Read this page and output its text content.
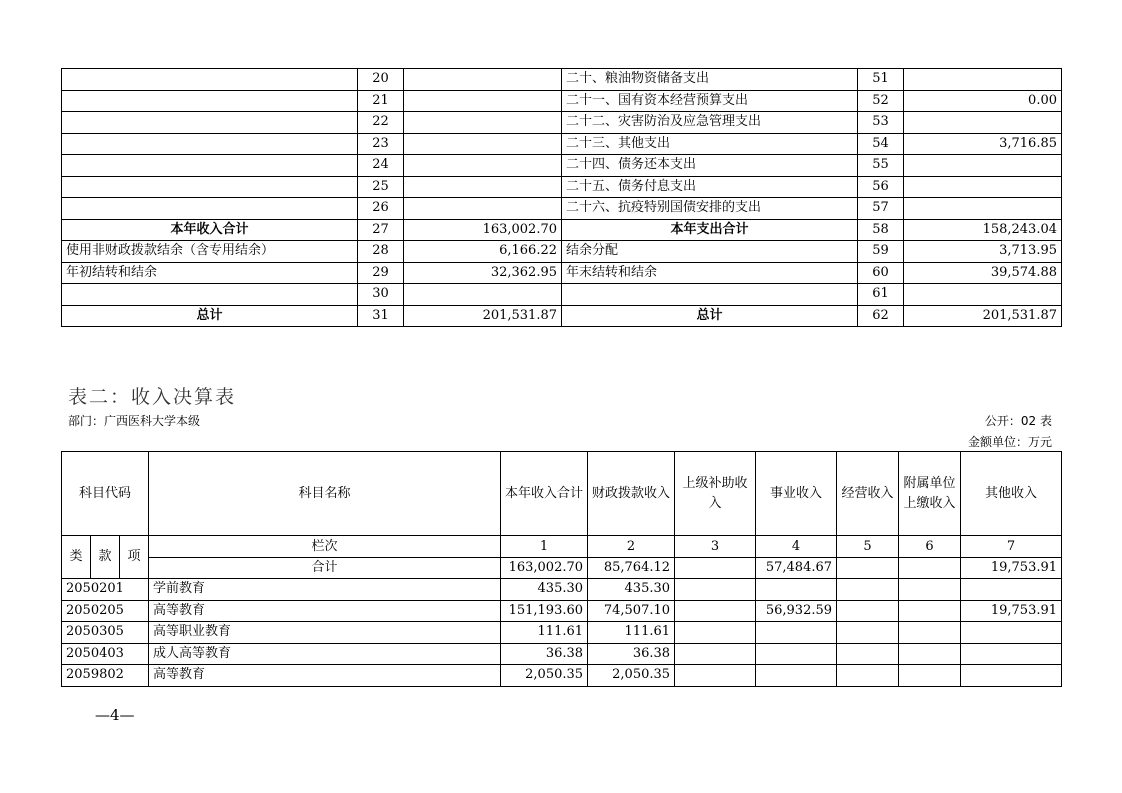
	20		二十、粮油物资储备支出	51	
	21		二十一、国有资本经营预算支出	52	0.00
	22		二十二、灾害防治及应急管理支出	53	
	23		二十三、其他支出	54	3,716.85
	24		二十四、债务还本支出	55	
	25		二十五、债务付息支出	56	
	26		二十六、抗疫特别国债安排的支出	57	
本年收入合计	27	163,002.70	本年支出合计	58	158,243.04
使用非财政拨款结余（含专用结余）	28	6,166.22	结余分配	59	3,713.95
年初结转和结余	29	32,362.95	年末结转和结余	60	39,574.88
	30			61	
总计	31	201,531.87	总计	62	201,531.87
表二：收入决算表
部门：广西医科大学本级	公开：02 表
金额单位：万元
科目代码			科目名称	本年收入合计	财政拨款收入	上级补助收入	事业收入	经营收入	附属单位上缴收入	其他收入
类	款	项	栏次	1	2	3	4	5	6	7
			合计	163,002.70	85,764.12		57,484.67			19,753.91
2050201			学前教育	435.30	435.30					
2050205			高等教育	151,193.60	74,507.10		56,932.59			19,753.91
2050305			高等职业教育	111.61	111.61					
2050403			成人高等教育	36.38	36.38					
2059802			高等教育	2,050.35	2,050.35					
—4—
